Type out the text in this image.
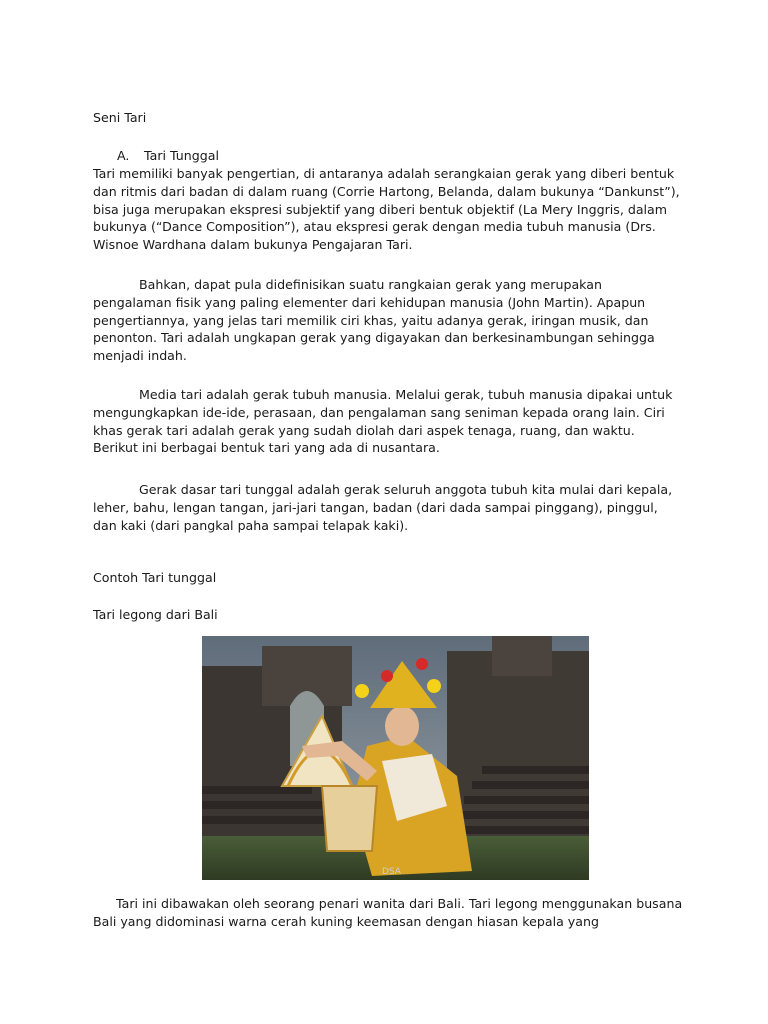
Seni Tari

A. Tari Tunggal

Tari memiliki banyak pengertian, di antaranya adalah serangkaian gerak yang diberi bentuk dan ritmis dari badan di dalam ruang (Corrie Hartong, Belanda, dalam bukunya “Dankunst”), bisa juga merupakan ekspresi subjektif yang diberi bentuk objektif (La Mery Inggris, dalam bukunya (“Dance Composition”), atau ekspresi gerak dengan media tubuh manusia (Drs. Wisnoe Wardhana daIam bukunya Pengajaran Tari.

Bahkan, dapat pula didefinisikan suatu rangkaian gerak yang merupakan pengalaman fisik yang paling elementer dari kehidupan manusia (John Martin). Apapun pengertiannya, yang jelas tari memilik ciri khas, yaitu adanya gerak, iringan musik, dan penonton. Tari adalah ungkapan gerak yang digayakan dan berkesinambungan sehingga menjadi indah.

Media tari adalah gerak tubuh manusia. Melalui gerak, tubuh manusia dipakai untuk mengungkapkan ide-ide, perasaan, dan pengalaman sang seniman kepada orang lain. Ciri khas gerak tari adalah gerak yang sudah diolah dari aspek tenaga, ruang, dan waktu. Berikut ini berbagai bentuk tari yang ada di nusantara.

Gerak dasar tari tunggal adalah gerak seluruh anggota tubuh kita mulai dari kepala, leher, bahu, lengan tangan, jari-jari tangan, badan (dari dada sampai pinggang), pinggul, dan kaki (dari pangkal paha sampai telapak kaki).

Contoh Tari tunggal

Tari legong dari Bali

DSA

Tari ini dibawakan oleh seorang penari wanita dari Bali. Tari legong menggunakan busana Bali yang didominasi warna cerah kuning keemasan dengan hiasan kepala yang
